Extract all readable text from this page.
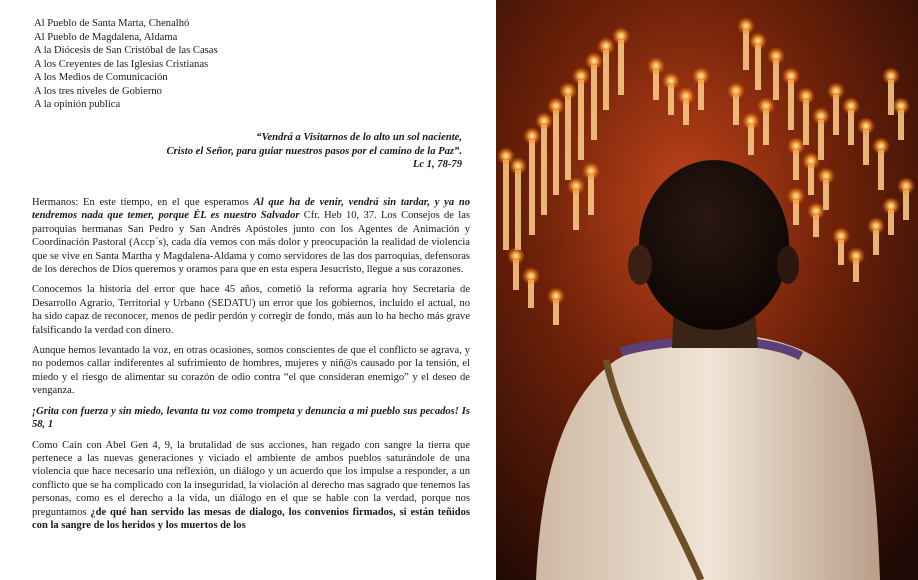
Al Pueblo de Santa Marta, Chenalhó
Al Pueblo de Magdalena, Aldama
A la Diócesis de San Cristóbal de las Casas
A los Creyentes de las Iglesias Cristianas
A los Medios de Comunicación
A los tres niveles de Gobierno
A la opinión publica
“Vendrá a Visitarnos de lo alto un sol naciente,
Cristo el Señor, para guiar nuestros pasos por el camino de la Paz”.
Lc 1, 78-79

Hermanos: En este tiempo, en el que esperamos Al que ha de venir, vendrá sin tardar, y ya no tendremos nada que temer, porque ÉL es nuestro Salvador Cfr. Heb 10, 37. Los Consejos de las parroquias hermanas San Pedro y San Andrés Apóstoles junto con los Agentes de Animación y Coordinación Pastoral (Accp´s), cada día vemos con más dolor y preocupación la realidad de violencia que se vive en Santa Martha y Magdalena-Aldama y como servidores de las dos parroquias, defensoras de los derechos de Dios queremos y oramos para que en esta espera Jesucristo, llegue a sus corazones.

Conocemos la historia del error que hace 45 años, cometió la reforma agraria hoy Secretaria de Desarrollo Agrario, Territorial y Urbano (SEDATU) un error que los gobiernos, incluido el actual, no ha sido capaz de reconocer, menos de pedir perdón y corregir de fondo, más aun lo ha hecho más grave falsificando la verdad con dinero.

Aunque hemos levantado la voz, en otras ocasiones, somos conscientes de que el conflicto se agrava, y no podemos callar indiferentes al sufrimiento de hombres, mujeres y niñ@s causado por la tensión, el miedo y el riesgo de alimentar su corazón de odio contra “el que consideran enemigo” y el deseo de venganza.

¡Grita con fuerza y sin miedo, levanta tu voz como trompeta y denuncia a mi pueblo sus pecados! Is 58, 1

Como Caín con Abel Gen 4, 9, la brutalidad de sus acciones, han regado con sangre la tierra que pertenece a las nuevas generaciones y viciado el ambiente de ambos pueblos saturándole de una violencia que hace necesario una reflexión, un diálogo y un acuerdo que los impulse a responder, a un conflicto que se ha complicado con la inseguridad, la violación al derecho mas sagrado que tenemos las personas, como es el derecho a la vida, un diálogo en el que se hable con la verdad, porque nos preguntamos ¿de qué han servido las mesas de dialogo, los convenios firmados, si están teñidos con la sangre de los heridos y los muertos de los
